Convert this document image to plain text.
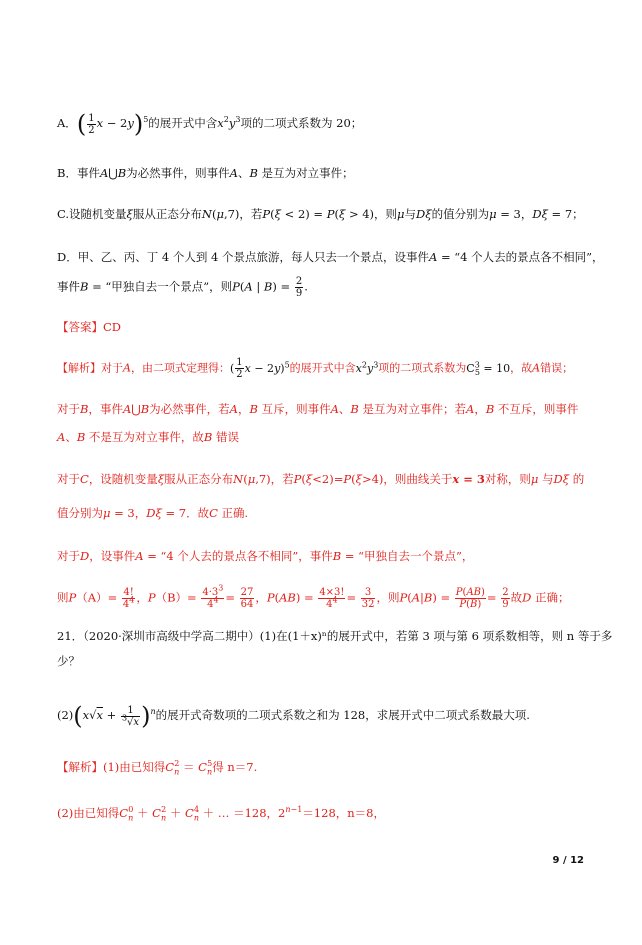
A．( $\frac{1}{2}$ x − 2y)$^5$的展开式中含$x^2y^3$项的二项式系数为 20；
B．事件A⋃B为必然事件，则事件A、B 是互为对立事件；
C.设随机变量ξ服从正态分布N(μ,7)，若P(ξ < 2) = P(ξ > 4)，则μ与Dξ的值分别为μ = 3，Dξ = 7；
D．甲、乙、丙、丁 4 个人到 4 个景点旅游，每人只去一个景点，设事件A = “4 个人去的景点各不相同”，
事件B = “甲独自去一个景点”，则P(A | $B) = \frac{2}{9}$ .
【答案】CD
【解析】对于A，由二项式定理得：( $\frac{1}{2}$ x − 2y)$^5$的展开式中含$x^2y^3$项的二项式系数为$C^3_5 = 10$，故A错误；
对于B，事件A⋃B为必然事件，若A，B 互斥，则事件A、B 是互为对立事件；若A，B 不互斥，则事件
A、B 不是互为对立事件，故B 错误
对于C，设随机变量ξ服从正态分布N(μ,7)，若P(ξ<2)=P(ξ>4)，则曲线关于x = 3对称，则μ 与Dξ 的
值分别为μ = 3，Dξ = 7．故C 正确.
对于D，设事件A = “4 个人去的景点各不相同”，事件B = “甲独自去一个景点”，
则$P(A)= \frac{4!}{4^4}$ ，$P(B)= \frac{4\cdot 3^3}{4^4} = \frac{27}{64}$ ，$P(AB) = \frac{4\times 3!}{4^4} = \frac{3}{32}$ ，则$P(A|B) = \frac{P(AB)}{P(B)} = \frac{2}{9}$ 故D 正确；
21．（2020·深圳市高级中学高二期中）(1)在(1＋x)ⁿ的展开式中，若第 3 项与第 6 项系数相等，则 n 等于多
少？
$(2)(x√x + \frac{1}{^3√x} )^n$的展开式奇数项的二项式系数之和为 128，求展开式中二项式系数最大项.
【解析】(1)由已知得$C_n^2 = C_n^5$得 n＝7.
(2)由已知得$C_n^0 + C_n^2 + C_n^4$ ＋ … ＝128，$2^{n-1}=128$，n＝8，
9 / 12
